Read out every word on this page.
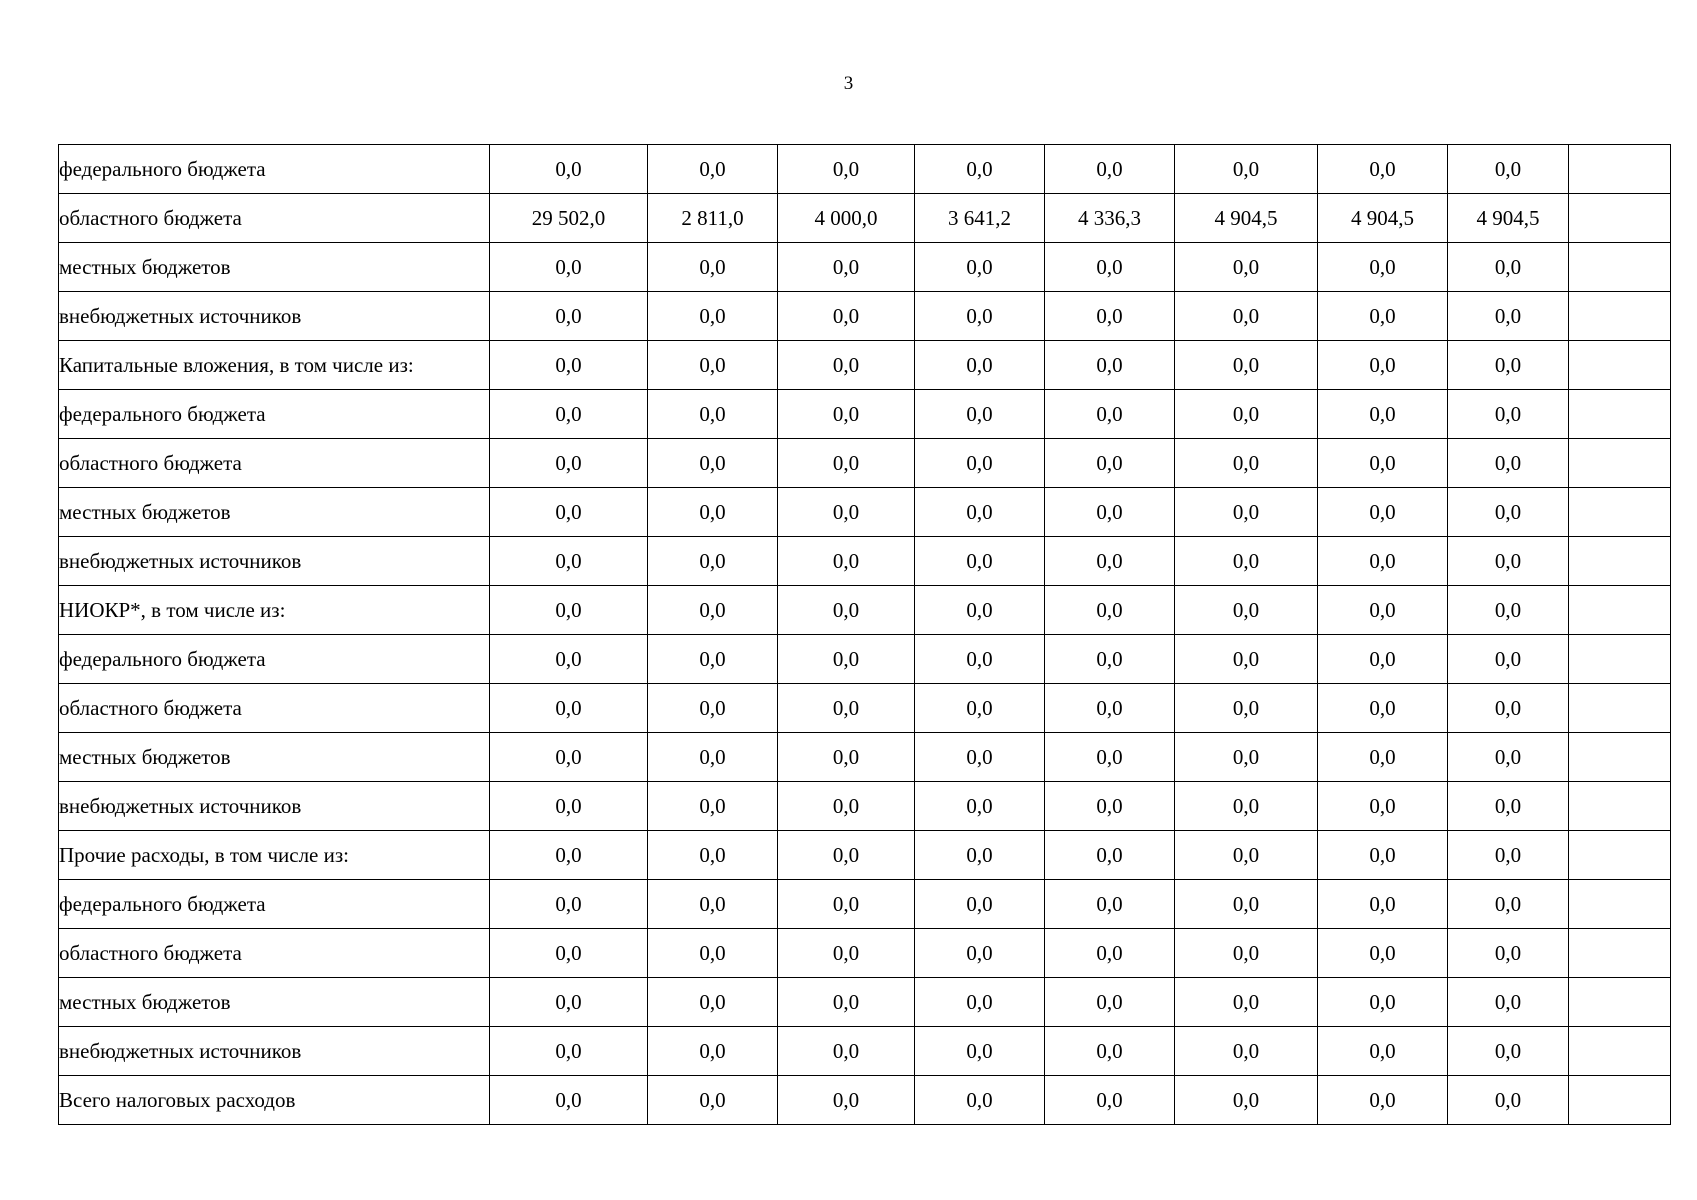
3
федерального бюджета	0,0	0,0	0,0	0,0	0,0	0,0	0,0	0,0	
областного бюджета	29 502,0	2 811,0	4 000,0	3 641,2	4 336,3	4 904,5	4 904,5	4 904,5	
местных бюджетов	0,0	0,0	0,0	0,0	0,0	0,0	0,0	0,0	
внебюджетных источников	0,0	0,0	0,0	0,0	0,0	0,0	0,0	0,0	
Капитальные вложения, в том числе из:	0,0	0,0	0,0	0,0	0,0	0,0	0,0	0,0	
федерального бюджета	0,0	0,0	0,0	0,0	0,0	0,0	0,0	0,0	
областного бюджета	0,0	0,0	0,0	0,0	0,0	0,0	0,0	0,0	
местных бюджетов	0,0	0,0	0,0	0,0	0,0	0,0	0,0	0,0	
внебюджетных источников	0,0	0,0	0,0	0,0	0,0	0,0	0,0	0,0	
НИОКР*, в том числе из:	0,0	0,0	0,0	0,0	0,0	0,0	0,0	0,0	
федерального бюджета	0,0	0,0	0,0	0,0	0,0	0,0	0,0	0,0	
областного бюджета	0,0	0,0	0,0	0,0	0,0	0,0	0,0	0,0	
местных бюджетов	0,0	0,0	0,0	0,0	0,0	0,0	0,0	0,0	
внебюджетных источников	0,0	0,0	0,0	0,0	0,0	0,0	0,0	0,0	
Прочие расходы, в том числе из:	0,0	0,0	0,0	0,0	0,0	0,0	0,0	0,0	
федерального бюджета	0,0	0,0	0,0	0,0	0,0	0,0	0,0	0,0	
областного бюджета	0,0	0,0	0,0	0,0	0,0	0,0	0,0	0,0	
местных бюджетов	0,0	0,0	0,0	0,0	0,0	0,0	0,0	0,0	
внебюджетных источников	0,0	0,0	0,0	0,0	0,0	0,0	0,0	0,0	
Всего налоговых расходов	0,0	0,0	0,0	0,0	0,0	0,0	0,0	0,0	
